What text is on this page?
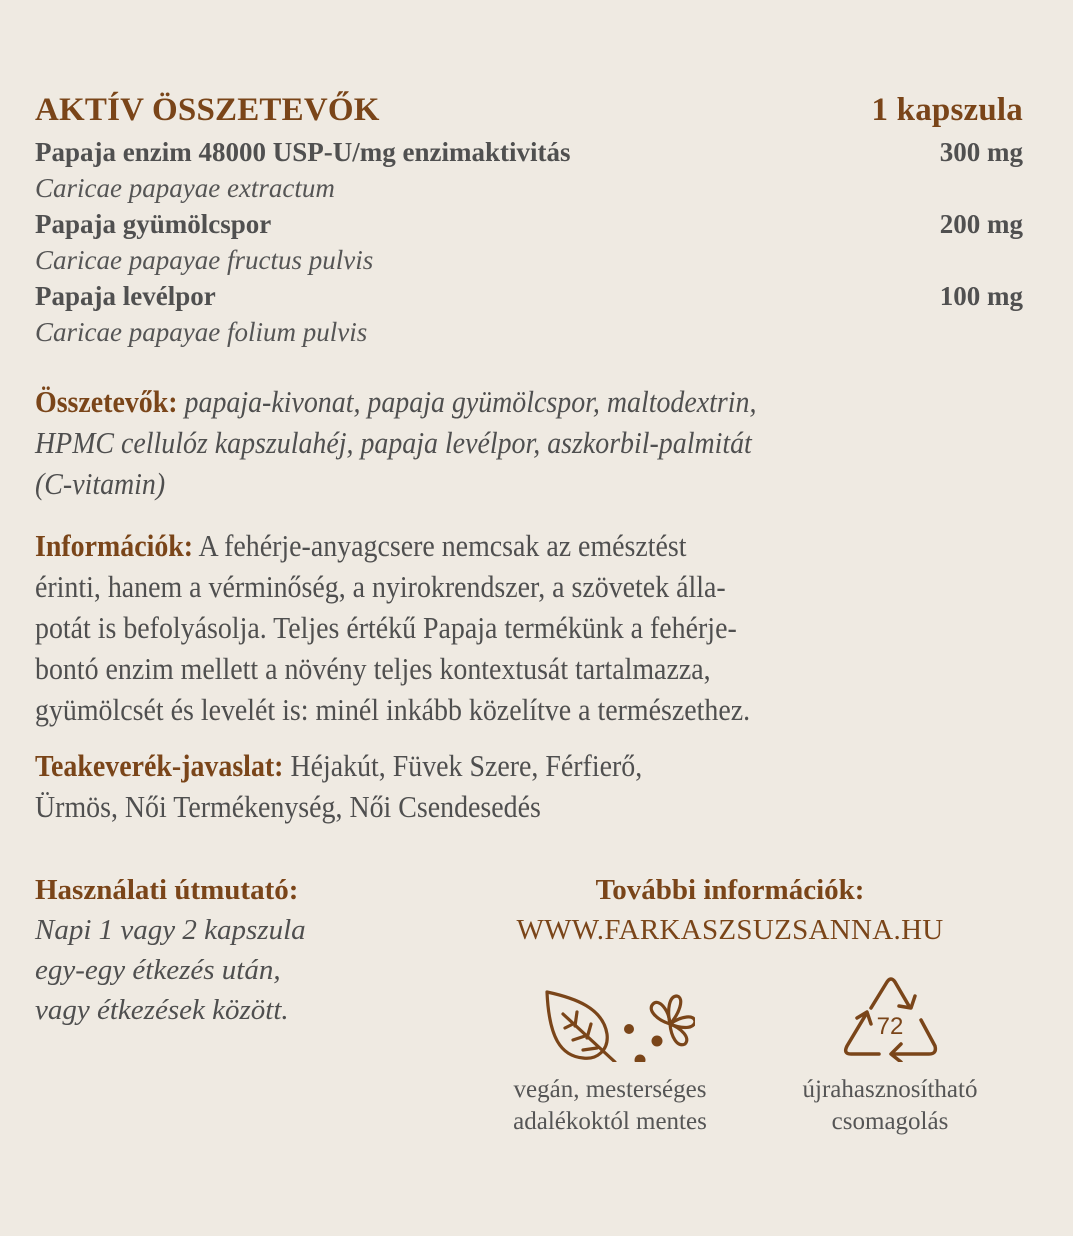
AKTÍV ÖSSZETEVŐK	1 kapszula
Papaja enzim 48000 USP-U/mg enzimaktivitás	300 mg
Caricae papayae extractum
Papaja gyümölcspor	200 mg
Caricae papayae fructus pulvis
Papaja levélpor	100 mg
Caricae papayae folium pulvis
Összetevők: papaja-kivonat, papaja gyümölcspor, maltodextrin,
HPMC cellulóz kapszulahéj, papaja levélpor, aszkorbil-palmitát
(C-vitamin)
Információk: A fehérje-anyagcsere nemcsak az emésztést
érinti, hanem a vérminőség, a nyirokrendszer, a szövetek álla-
potát is befolyásolja. Teljes értékű Papaja termékünk a fehérje-
bontó enzim mellett a növény teljes kontextusát tartalmazza,
gyümölcsét és levelét is: minél inkább közelítve a természethez.
Teakeverék-javaslat: Héjakút, Füvek Szere, Férfierő,
Ürmös, Női Termékenység, Női Csendesedés
Használati útmutató:
Napi 1 vagy 2 kapszula
egy-egy étkezés után,
vagy étkezések között.
További információk:
WWW.FARKASZSUZSANNA.HU
vegán, mesterséges
adalékoktól mentes
72
újrahasznosítható
csomagolás
